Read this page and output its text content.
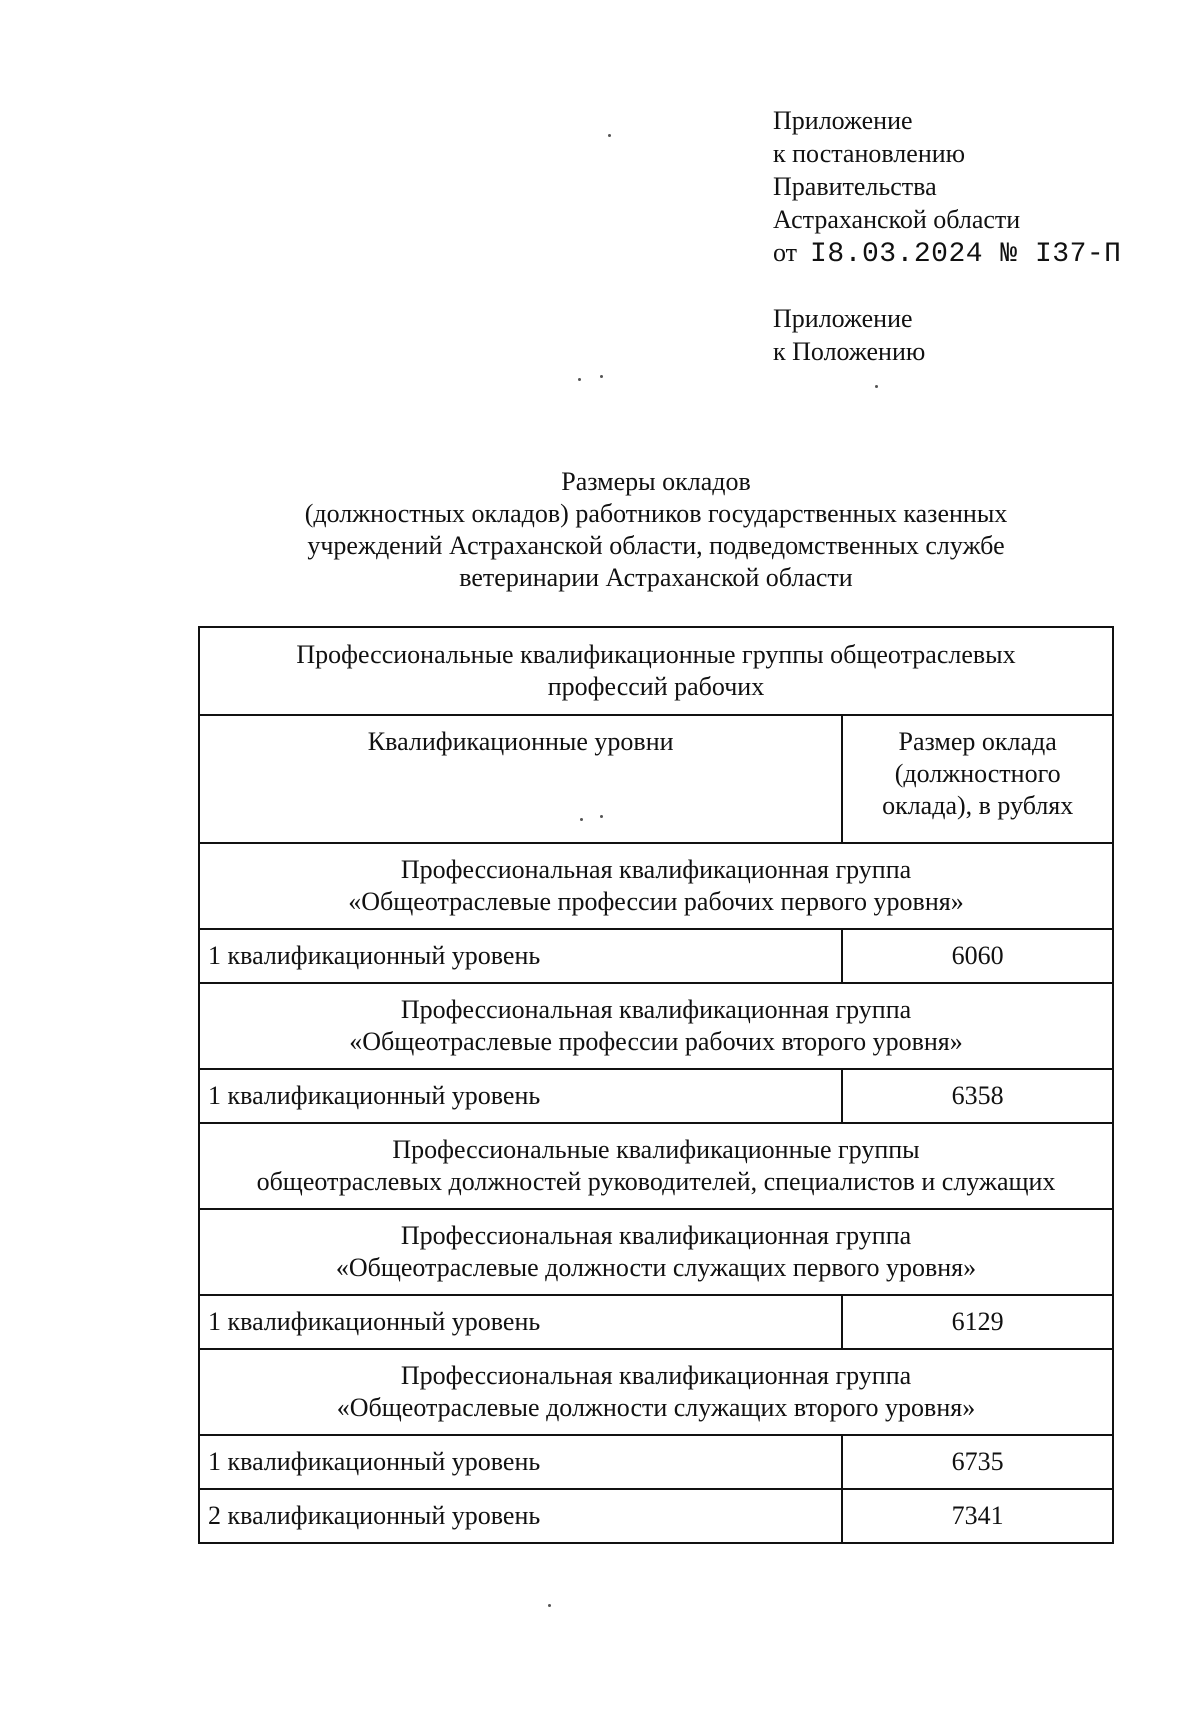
Приложение
к постановлению
Правительства
Астраханской области
от I8.03.2024 № I37-П
Приложение
к Положению
Размеры окладов
(должностных окладов) работников государственных казенных
учреждений Астраханской области, подведомственных службе
ветеринарии Астраханской области
Профессиональные квалификационные группы общеотраслевых
профессий рабочих	

Квалификационные уровни	Размер оклада
(должностного
оклада), в рублях

Профессиональная квалификационная группа
«Общеотраслевые профессии рабочих первого уровня»	

1 квалификационный уровень	6060

Профессиональная квалификационная группа
«Общеотраслевые профессии рабочих второго уровня»	

1 квалификационный уровень	6358

Профессиональные квалификационные группы
общеотраслевых должностей руководителей, специалистов и служащих	

Профессиональная квалификационная группа
«Общеотраслевые должности служащих первого уровня»	

1 квалификационный уровень	6129

Профессиональная квалификационная группа
«Общеотраслевые должности служащих второго уровня»	

1 квалификационный уровень	6735
2 квалификационный уровень	7341
